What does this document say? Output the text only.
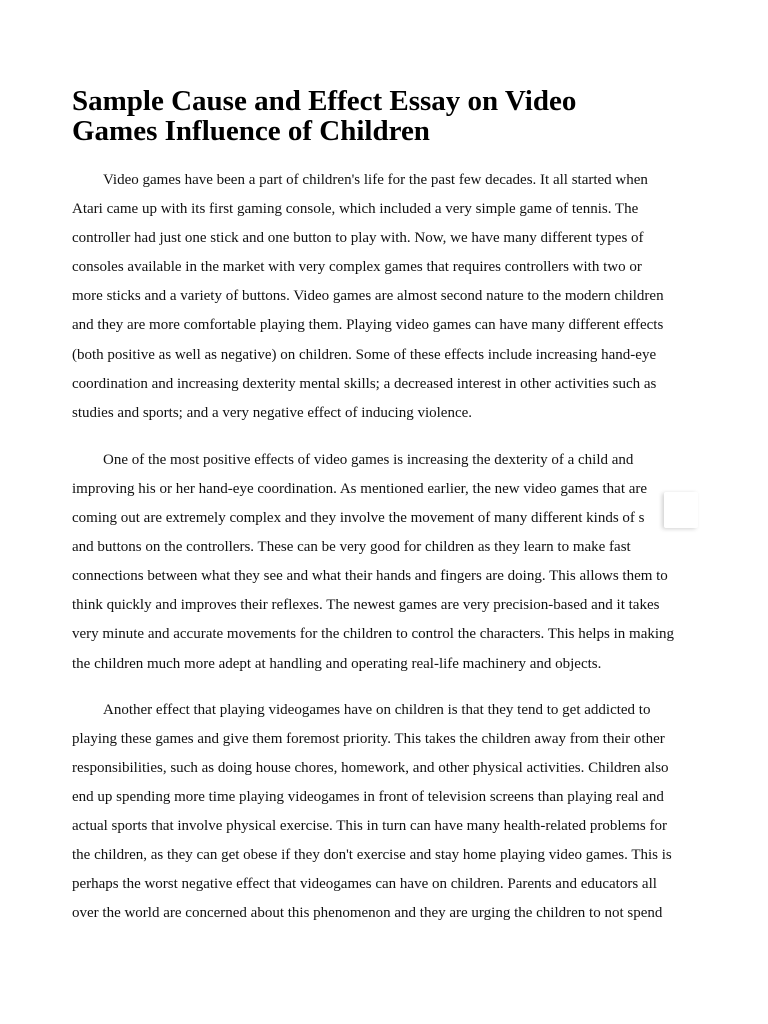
Sample Cause and Effect Essay on Video
Games Influence of Children
Video games have been a part of children's life for the past few decades. It all started when
Atari came up with its first gaming console, which included a very simple game of tennis. The
controller had just one stick and one button to play with. Now, we have many different types of
consoles available in the market with very complex games that requires controllers with two or
more sticks and a variety of buttons. Video games are almost second nature to the modern children
and they are more comfortable playing them. Playing video games can have many different effects
(both positive as well as negative) on children. Some of these effects include increasing hand-eye
coordination and increasing dexterity mental skills; a decreased interest in other activities such as
studies and sports; and a very negative effect of inducing violence.
One of the most positive effects of video games is increasing the dexterity of a child and
improving his or her hand-eye coordination. As mentioned earlier, the new video games that are
coming out are extremely complex and they involve the movement of many different kinds of s
and buttons on the controllers. These can be very good for children as they learn to make fast
connections between what they see and what their hands and fingers are doing. This allows them to
think quickly and improves their reflexes. The newest games are very precision-based and it takes
very minute and accurate movements for the children to control the characters. This helps in making
the children much more adept at handling and operating real-life machinery and objects.
Another effect that playing videogames have on children is that they tend to get addicted to
playing these games and give them foremost priority. This takes the children away from their other
responsibilities, such as doing house chores, homework, and other physical activities. Children also
end up spending more time playing videogames in front of television screens than playing real and
actual sports that involve physical exercise. This in turn can have many health-related problems for
the children, as they can get obese if they don't exercise and stay home playing video games. This is
perhaps the worst negative effect that videogames can have on children. Parents and educators all
over the world are concerned about this phenomenon and they are urging the children to not spend
